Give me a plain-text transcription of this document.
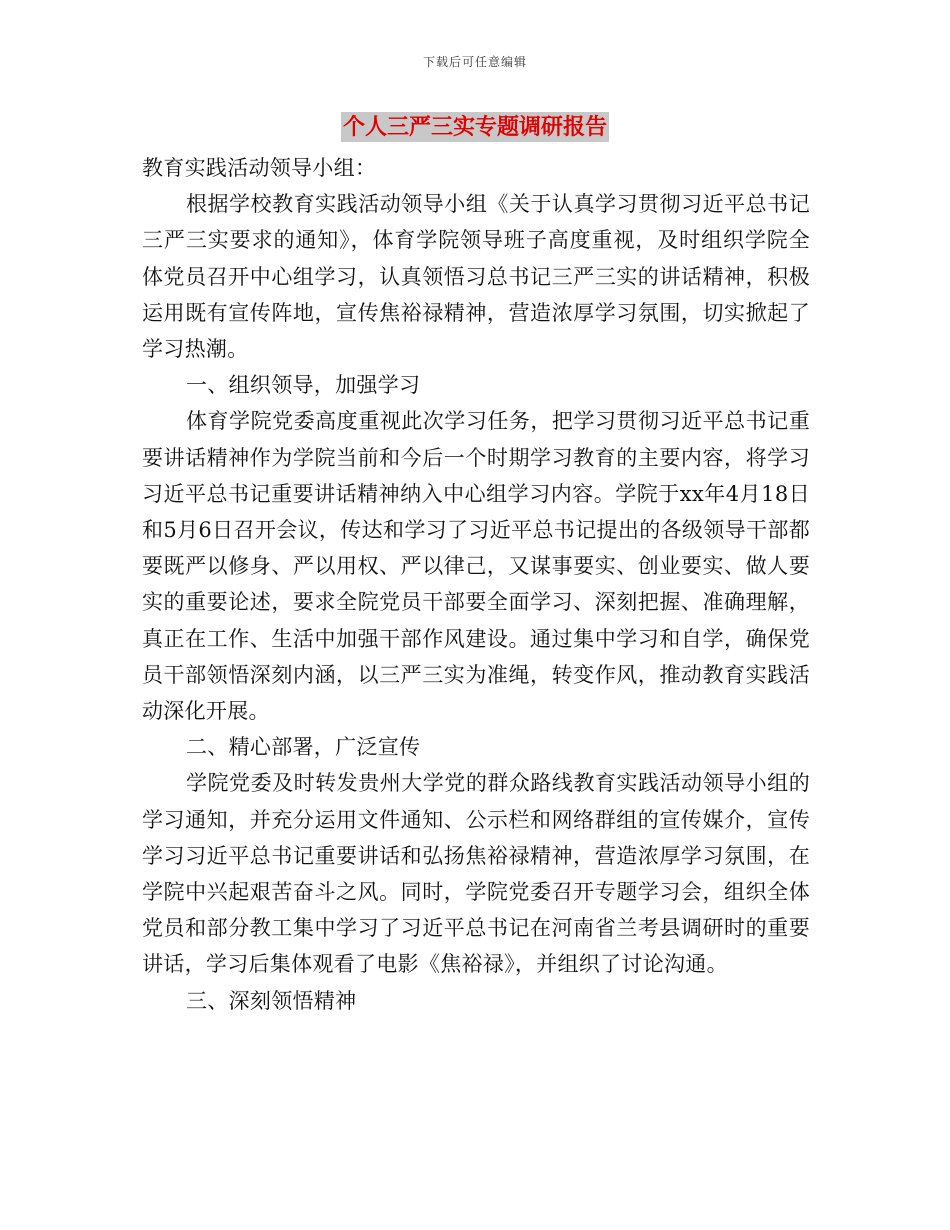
下载后可任意编辑
个人三严三实专题调研报告

教育实践活动领导小组：

根据学校教育实践活动领导小组《关于认真学习贯彻习近平总书记三严三实要求的通知》，体育学院领导班子高度重视，及时组织学院全体党员召开中心组学习，认真领悟习总书记三严三实的讲话精神，积极运用既有宣传阵地，宣传焦裕禄精神，营造浓厚学习氛围，切实掀起了学习热潮。

一、组织领导，加强学习

体育学院党委高度重视此次学习任务，把学习贯彻习近平总书记重要讲话精神作为学院当前和今后一个时期学习教育的主要内容，将学习习近平总书记重要讲话精神纳入中心组学习内容。学院于xx年4月18日和5月6日召开会议，传达和学习了习近平总书记提出的各级领导干部都要既严以修身、严以用权、严以律己，又谋事要实、创业要实、做人要实的重要论述，要求全院党员干部要全面学习、深刻把握、准确理解，真正在工作、生活中加强干部作风建设。通过集中学习和自学，确保党员干部领悟深刻内涵，以三严三实为准绳，转变作风，推动教育实践活动深化开展。

二、精心部署，广泛宣传

学院党委及时转发贵州大学党的群众路线教育实践活动领导小组的学习通知，并充分运用文件通知、公示栏和网络群组的宣传媒介，宣传学习习近平总书记重要讲话和弘扬焦裕禄精神，营造浓厚学习氛围，在学院中兴起艰苦奋斗之风。同时，学院党委召开专题学习会，组织全体党员和部分教工集中学习了习近平总书记在河南省兰考县调研时的重要讲话，学习后集体观看了电影《焦裕禄》，并组织了讨论沟通。

三、深刻领悟精神
